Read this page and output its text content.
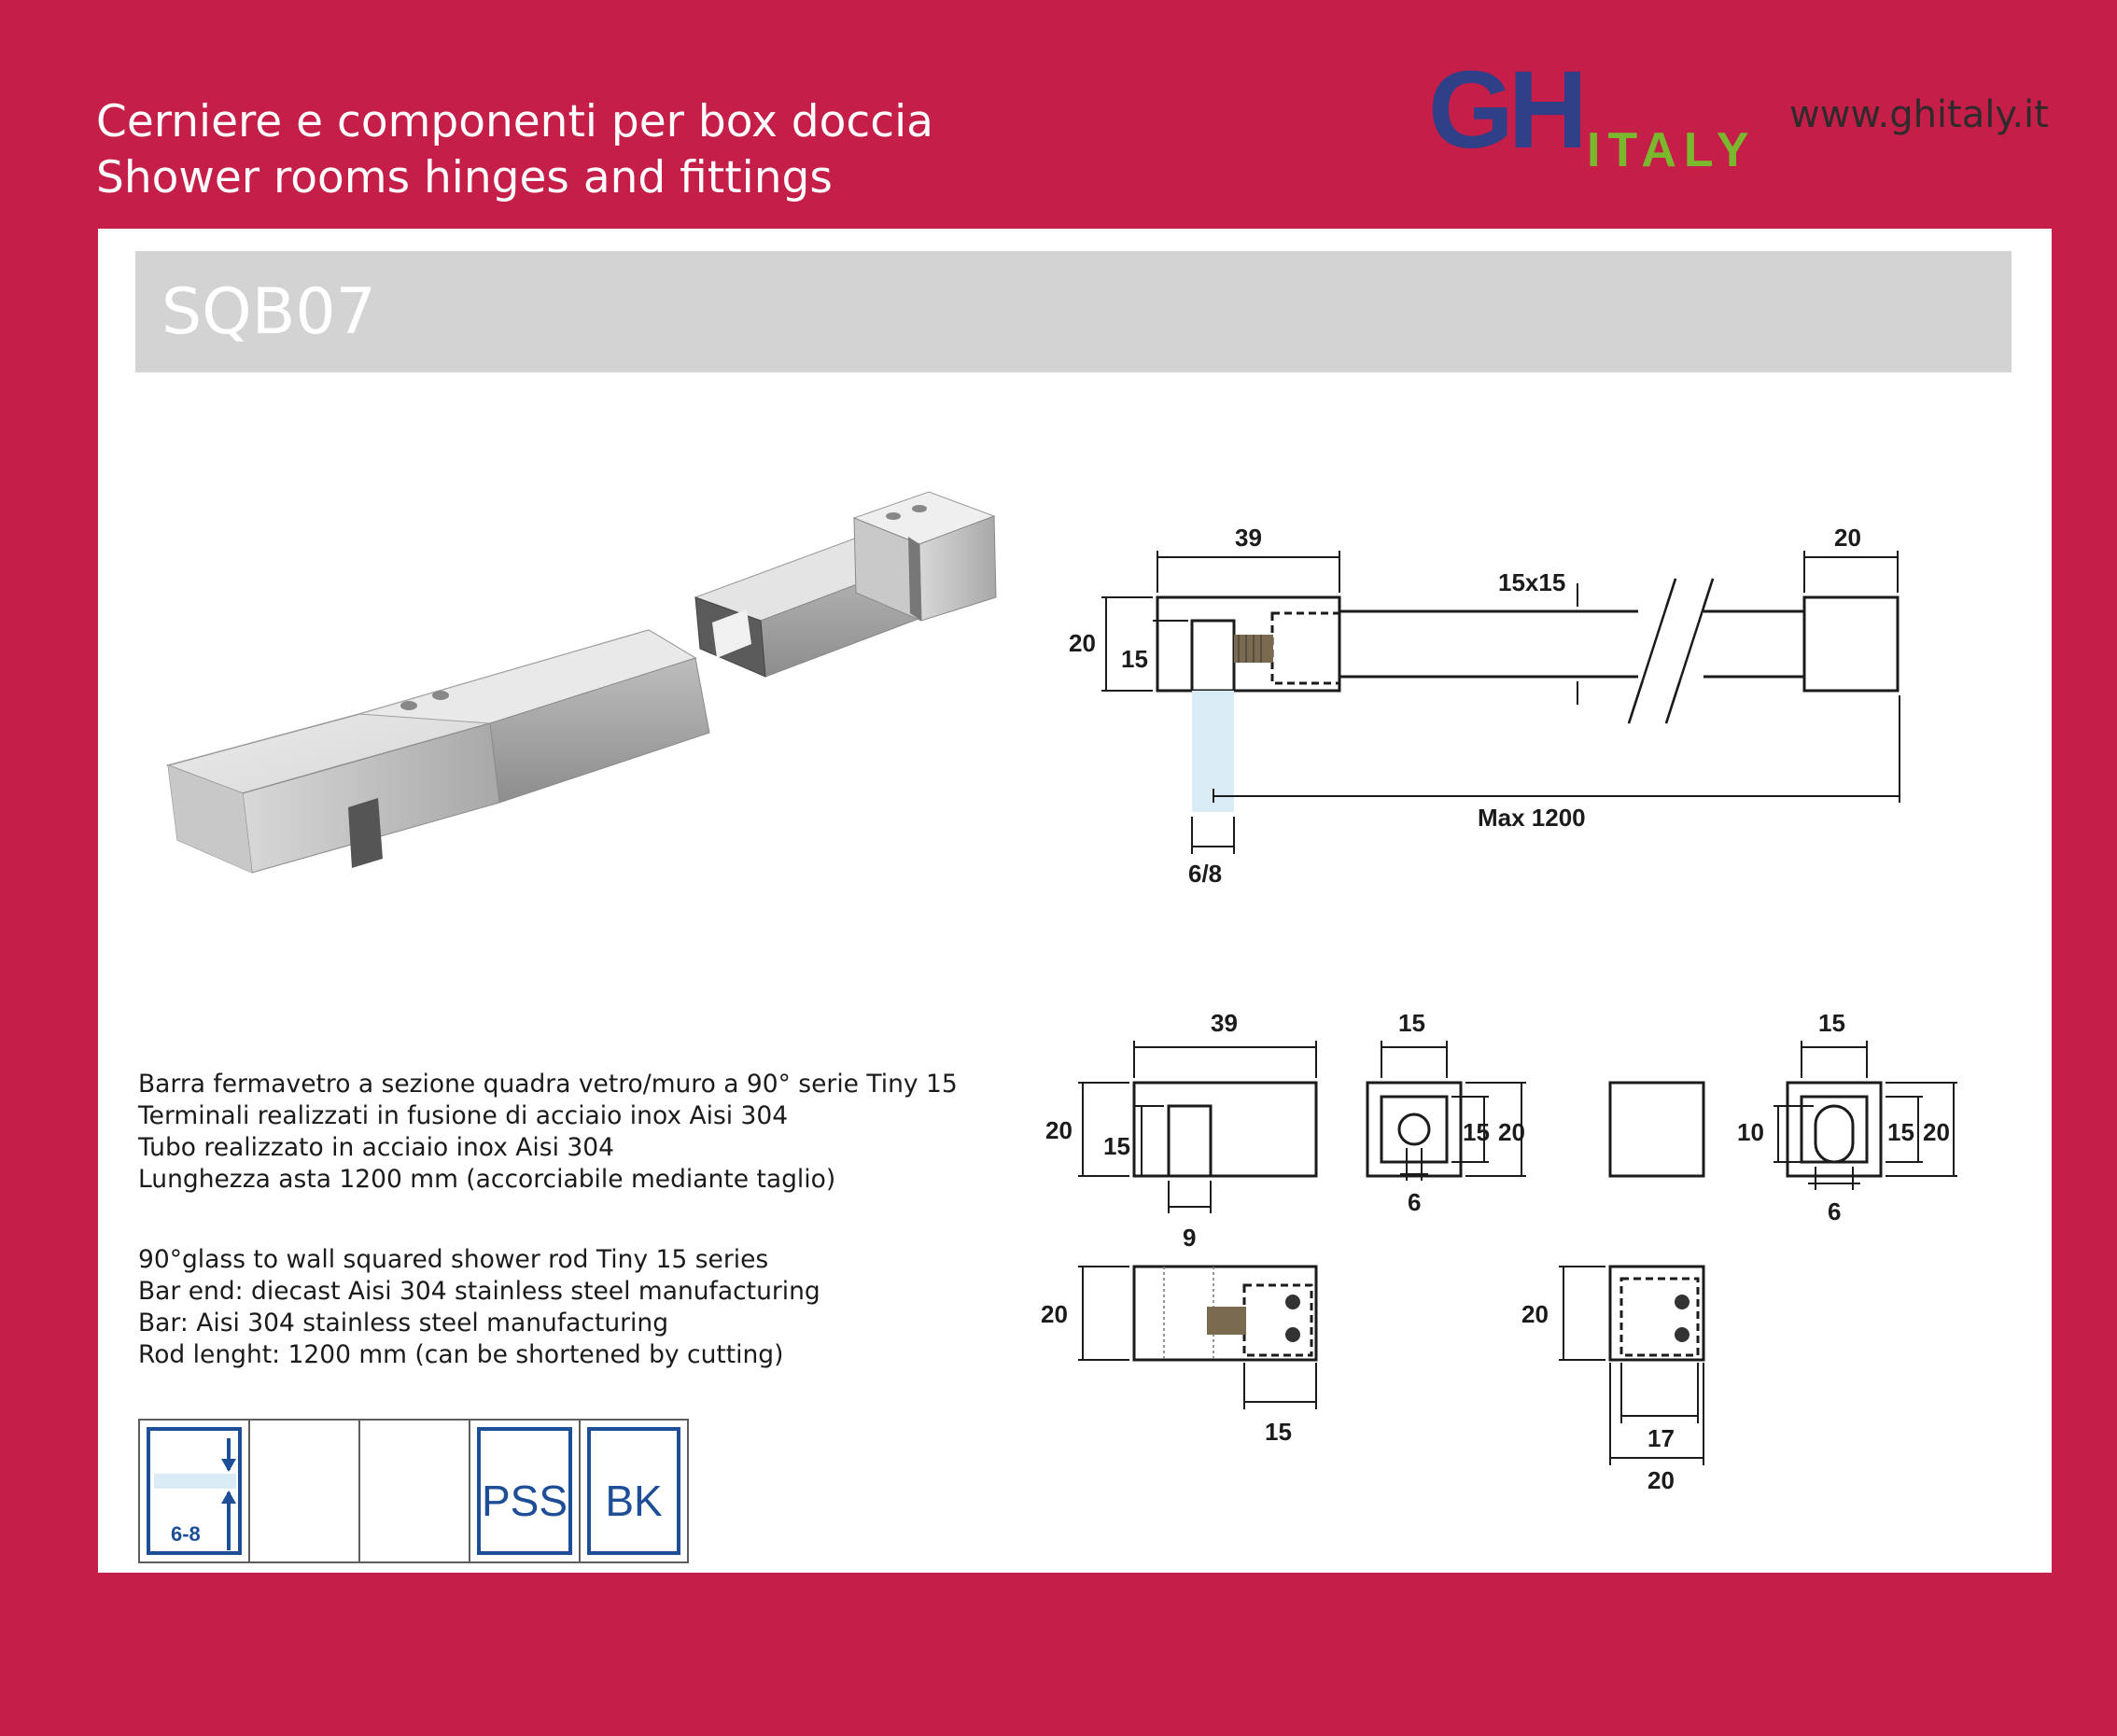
Cerniere e componenti per box doccia
Shower rooms hinges and fittings
GH ITALY
www.ghitaly.it
SQB07
39
15x15
20
20
15
Max 1200
6/8
39
20
15
9
15
15 20
6
15
10	15 20
6
20
15
20
17
20
Barra fermavetro a sezione quadra vetro/muro a 90° serie Tiny 15
Terminali realizzati in fusione di acciaio inox Aisi 304
Tubo realizzato in acciaio inox Aisi 304
Lunghezza asta 1200 mm (accorciabile mediante taglio)
90°glass to wall squared shower rod Tiny 15 series
Bar end: diecast Aisi 304 stainless steel manufacturing
Bar: Aisi 304 stainless steel manufacturing
Rod lenght: 1200 mm (can be shortened by cutting)
6-8
PSS BK
